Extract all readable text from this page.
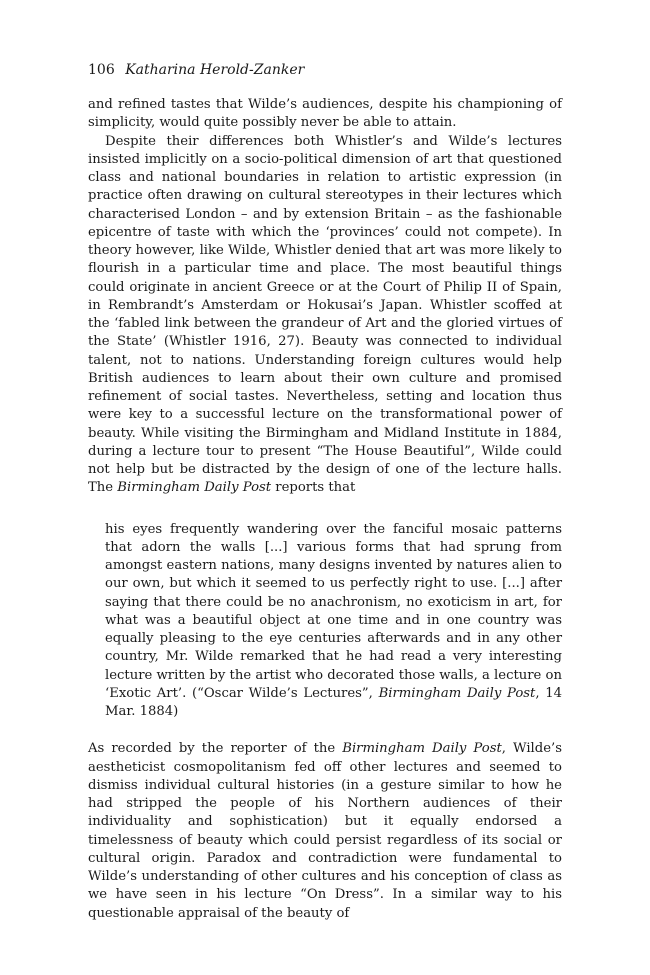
106 Katharina Herold-Zanker

and refined tastes that Wilde’s audiences, despite his championing of simplicity, would quite possibly never be able to attain.

Despite their differences both Whistler’s and Wilde’s lectures insisted implicitly on a socio-political dimension of art that questioned class and national boundaries in relation to artistic expression (in practice often drawing on cultural stereotypes in their lectures which characterised London – and by extension Britain – as the fashionable epicentre of taste with which the ‘provinces’ could not compete). In theory however, like Wilde, Whistler denied that art was more likely to flourish in a particular time and place. The most beautiful things could originate in ancient Greece or at the Court of Philip II of Spain, in Rembrandt’s Amsterdam or Hokusai’s Japan. Whistler scoffed at the ‘fabled link between the grandeur of Art and the gloried virtues of the State’ (Whistler 1916, 27). Beauty was connected to individual talent, not to nations. Understanding foreign cultures would help British audiences to learn about their own culture and promised refinement of social tastes. Nevertheless, setting and location thus were key to a successful lecture on the transformational power of beauty. While visiting the Birmingham and Midland Institute in 1884, during a lecture tour to present “The House Beautiful”, Wilde could not help but be distracted by the design of one of the lecture halls. The Birmingham Daily Post reports that

his eyes frequently wandering over the fanciful mosaic patterns that adorn the walls [...] various forms that had sprung from amongst eastern nations, many designs invented by natures alien to our own, but which it seemed to us perfectly right to use. [...] after saying that there could be no anachronism, no exoticism in art, for what was a beautiful object at one time and in one country was equally pleasing to the eye centuries afterwards and in any other country, Mr. Wilde remarked that he had read a very interesting lecture written by the artist who decorated those walls, a lecture on ‘Exotic Art’. (“Oscar Wilde’s Lectures”, Birmingham Daily Post, 14 Mar. 1884)

As recorded by the reporter of the Birmingham Daily Post, Wilde’s aestheticist cosmopolitanism fed off other lectures and seemed to dismiss individual cultural histories (in a gesture similar to how he had stripped the people of his Northern audiences of their individuality and sophistication) but it equally endorsed a timelessness of beauty which could persist regardless of its social or cultural origin. Paradox and contradiction were fundamental to Wilde’s understanding of other cultures and his conception of class as we have seen in his lecture “On Dress”. In a similar way to his questionable appraisal of the beauty of
